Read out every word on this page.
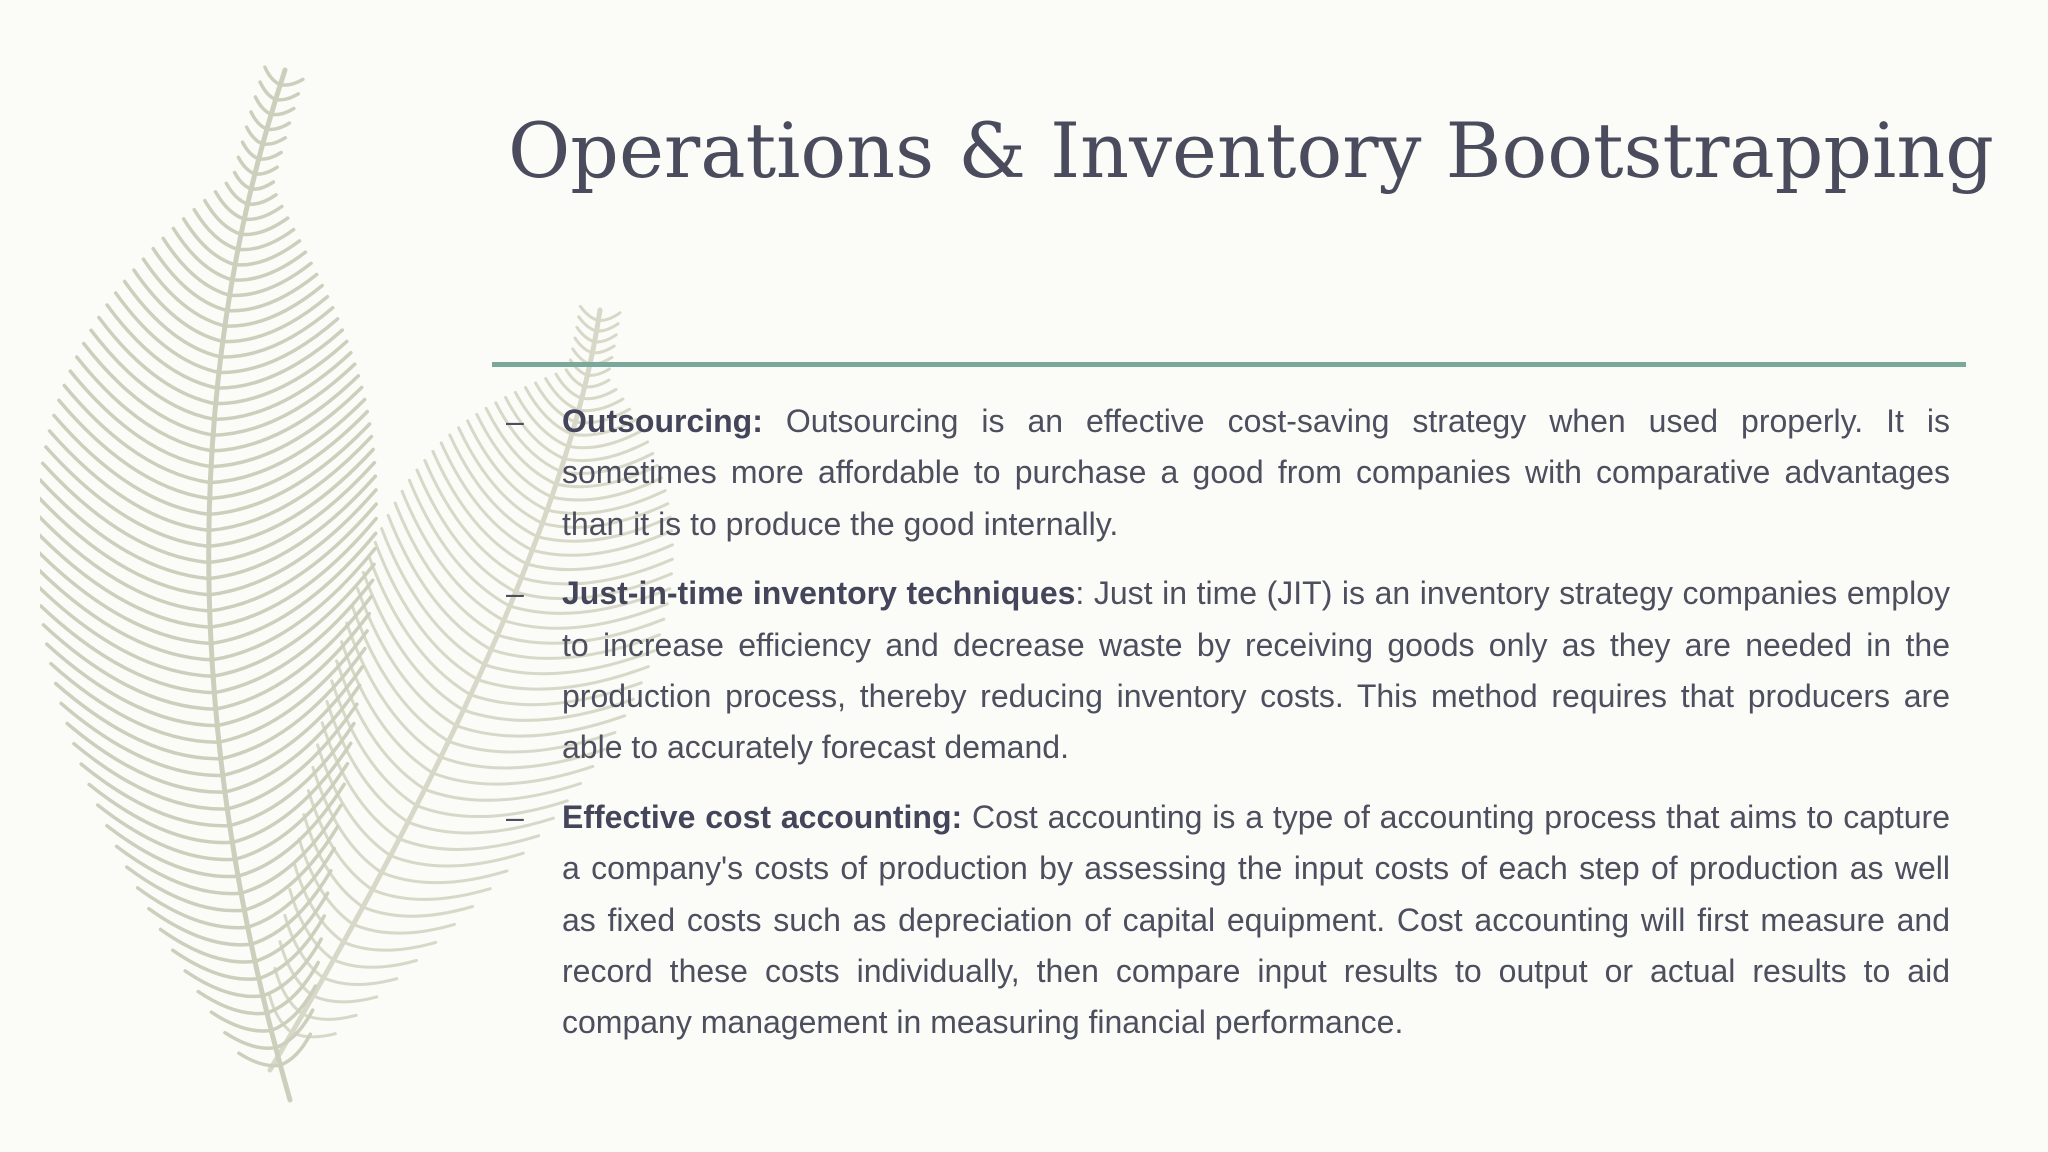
Operations & Inventory Bootstrapping
– Outsourcing: Outsourcing is an effective cost-saving strategy when used properly. It is sometimes more affordable to purchase a good from companies with comparative advantages than it is to produce the good internally.
– Just-in-time inventory techniques: Just in time (JIT) is an inventory strategy companies employ to increase efficiency and decrease waste by receiving goods only as they are needed in the production process, thereby reducing inventory costs. This method requires that producers are able to accurately forecast demand.
– Effective cost accounting: Cost accounting is a type of accounting process that aims to capture a company's costs of production by assessing the input costs of each step of production as well as fixed costs such as depreciation of capital equipment. Cost accounting will first measure and record these costs individually, then compare input results to output or actual results to aid company management in measuring financial performance.
